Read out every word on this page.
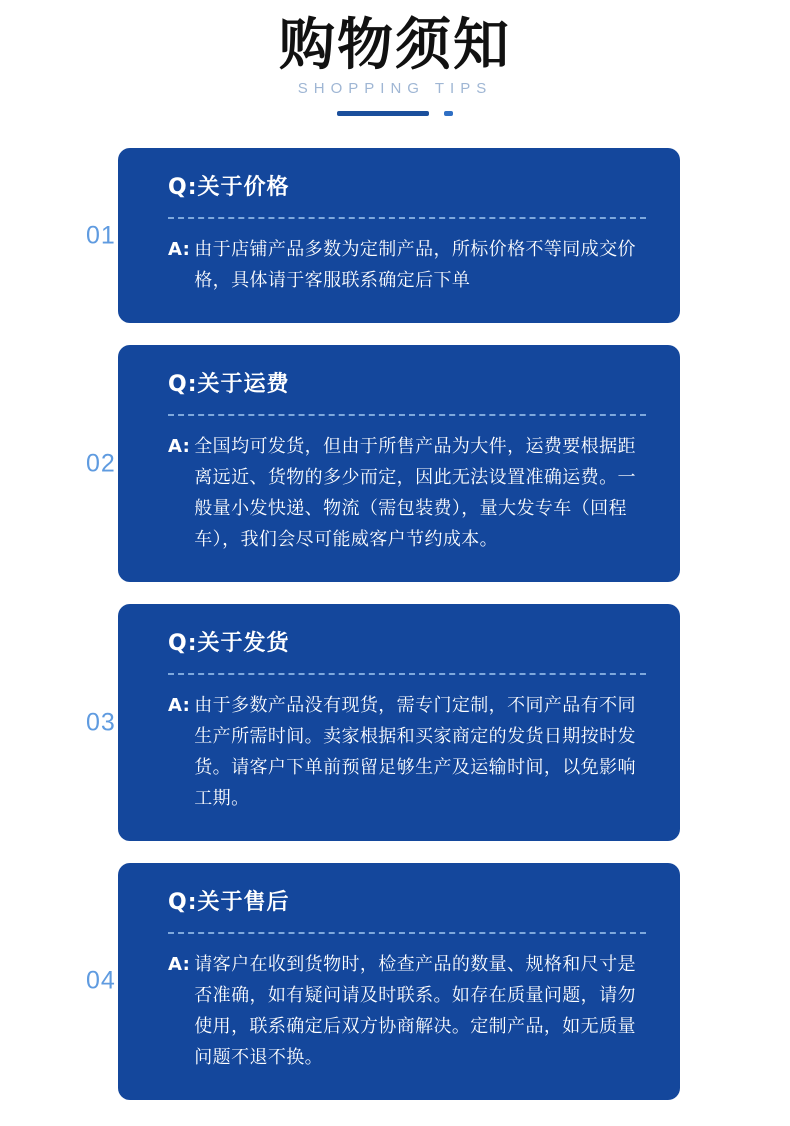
购物须知
SHOPPING TIPS
01
Q:关于价格
A: 由于店铺产品多数为定制产品，所标价格不等同成交价格，具体请于客服联系确定后下单
02
Q:关于运费
A: 全国均可发货，但由于所售产品为大件，运费要根据距离远近、货物的多少而定，因此无法设置准确运费。一般量小发快递、物流（需包装费），量大发专车（回程车），我们会尽可能威客户节约成本。
03
Q:关于发货
A: 由于多数产品没有现货，需专门定制，不同产品有不同生产所需时间。卖家根据和买家商定的发货日期按时发货。请客户下单前预留足够生产及运输时间，以免影响工期。
04
Q:关于售后
A: 请客户在收到货物时，检查产品的数量、规格和尺寸是否准确，如有疑问请及时联系。如存在质量问题，请勿使用，联系确定后双方协商解决。定制产品，如无质量问题不退不换。
